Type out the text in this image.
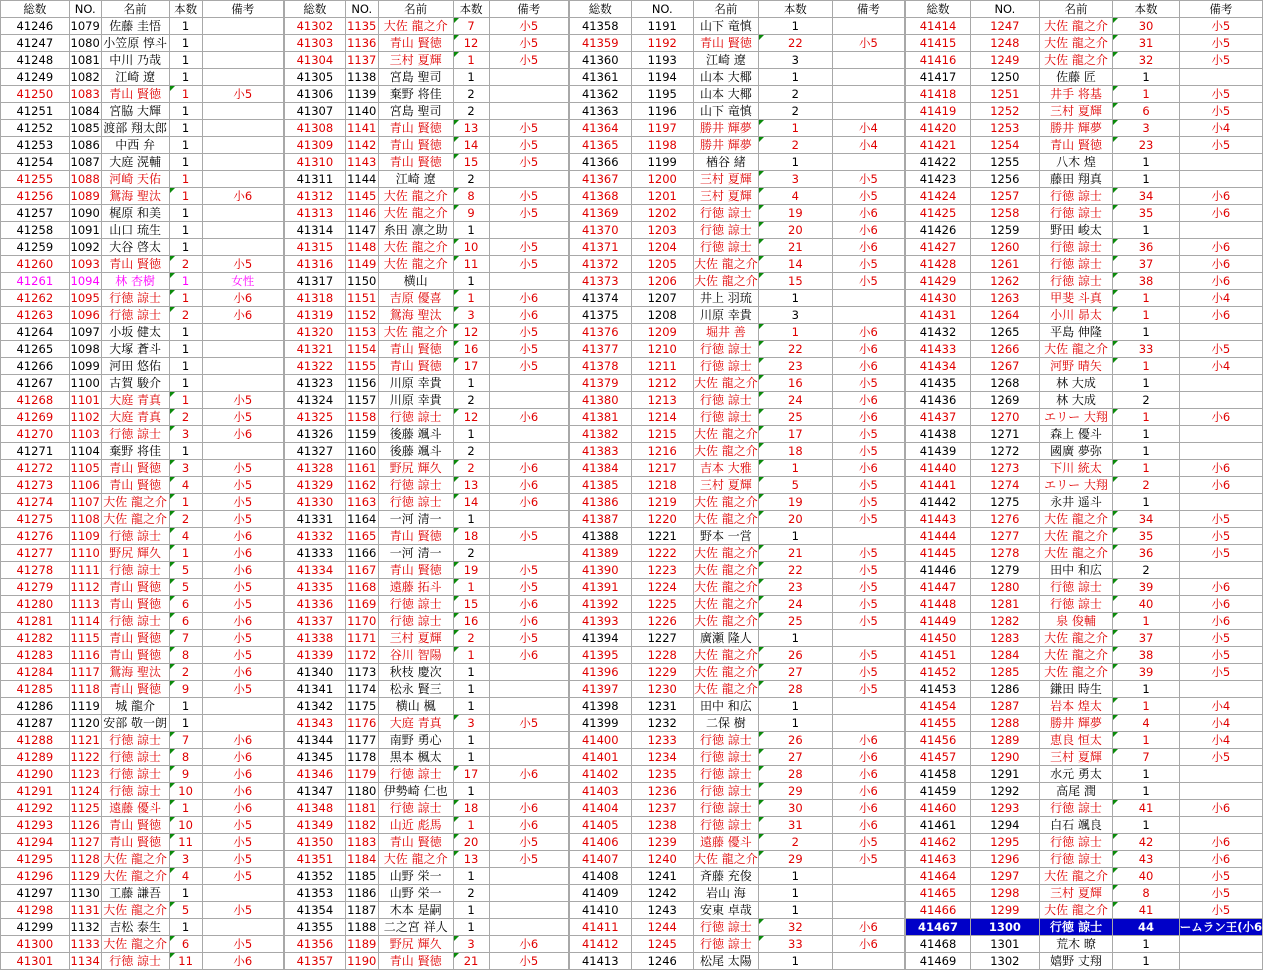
総数	NO.	名前	本数	備考
41246	1079	佐藤 圭悟	1	
41247	1080	小笠原 惇斗	1	
41248	1081	中川 乃哉	1	
41249	1082	江崎 遼	1	
41250	1083	青山 賢徳	1	小5
41251	1084	宮脇 大輝	1	
41252	1085	渡部 翔太郎	1	
41253	1086	中西 弁	1	
41254	1087	大庭 滉輔	1	
41255	1088	河崎 天佑	1	
41256	1089	鴛海 聖汰	1	小6
41257	1090	梶原 和美	1	
41258	1091	山口 琉生	1	
41259	1092	大谷 啓太	1	
41260	1093	青山 賢徳	2	小5
41261	1094	林 杏樹	1	女性
41262	1095	行徳 諒士	1	小6
41263	1096	行徳 諒士	2	小6
41264	1097	小坂 健太	1	
41265	1098	大塚 蒼斗	1	
41266	1099	河田 悠佑	1	
41267	1100	古賀 駿介	1	
41268	1101	大庭 青真	1	小5
41269	1102	大庭 青真	2	小5
41270	1103	行徳 諒士	3	小6
41271	1104	棄野 将佳	1	
41272	1105	青山 賢徳	3	小5
41273	1106	青山 賢徳	4	小5
41274	1107	大佐 龍之介	1	小5
41275	1108	大佐 龍之介	2	小5
41276	1109	行徳 諒士	4	小6
41277	1110	野尻 輝久	1	小6
41278	1111	行徳 諒士	5	小6
41279	1112	青山 賢徳	5	小5
41280	1113	青山 賢徳	6	小5
41281	1114	行徳 諒士	6	小6
41282	1115	青山 賢徳	7	小5
41283	1116	青山 賢徳	8	小5
41284	1117	鴛海 聖汰	2	小6
41285	1118	青山 賢徳	9	小5
41286	1119	城 龍介	1	
41287	1120	安部 敬一朗	1	
41288	1121	行徳 諒士	7	小6
41289	1122	行徳 諒士	8	小6
41290	1123	行徳 諒士	9	小6
41291	1124	行徳 諒士	10	小6
41292	1125	遠藤 優斗	1	小6
41293	1126	青山 賢徳	10	小5
41294	1127	青山 賢徳	11	小5
41295	1128	大佐 龍之介	3	小5
41296	1129	大佐 龍之介	4	小5
41297	1130	工藤 謙吾	1	
41298	1131	大佐 龍之介	5	小5
41299	1132	吉松 泰生	1	
41300	1133	大佐 龍之介	6	小5
41301	1134	行徳 諒士	11	小6
総数	NO.	名前	本数	備考
41302	1135	大佐 龍之介	7	小5
41303	1136	青山 賢徳	12	小5
41304	1137	三村 夏輝	1	小5
41305	1138	宮島 聖司	1	
41306	1139	棄野 将佳	2	
41307	1140	宮島 聖司	2	
41308	1141	青山 賢徳	13	小5
41309	1142	青山 賢徳	14	小5
41310	1143	青山 賢徳	15	小5
41311	1144	江崎 遼	2	
41312	1145	大佐 龍之介	8	小5
41313	1146	大佐 龍之介	9	小5
41314	1147	糸田 凛之助	1	
41315	1148	大佐 龍之介	10	小5
41316	1149	大佐 龍之介	11	小5
41317	1150	横山	1	
41318	1151	吉原 優喜	1	小6
41319	1152	鴛海 聖汰	3	小6
41320	1153	大佐 龍之介	12	小5
41321	1154	青山 賢徳	16	小5
41322	1155	青山 賢徳	17	小5
41323	1156	川原 幸貴	1	
41324	1157	川原 幸貴	2	
41325	1158	行徳 諒士	12	小6
41326	1159	後藤 颯斗	1	
41327	1160	後藤 颯斗	2	
41328	1161	野尻 輝久	2	小6
41329	1162	行徳 諒士	13	小6
41330	1163	行徳 諒士	14	小6
41331	1164	一河 清一	1	
41332	1165	青山 賢徳	18	小5
41333	1166	一河 清一	2	
41334	1167	青山 賢徳	19	小5
41335	1168	遠藤 拓斗	1	小5
41336	1169	行徳 諒士	15	小6
41337	1170	行徳 諒士	16	小6
41338	1171	三村 夏輝	2	小5
41339	1172	谷川 智陽	1	小6
41340	1173	秋枝 慶次	1	
41341	1174	松永 賢三	1	
41342	1175	横山 楓	1	
41343	1176	大庭 青真	3	小5
41344	1177	南野 勇心	1	
41345	1178	黒本 楓太	1	
41346	1179	行徳 諒士	17	小6
41347	1180	伊勢崎 仁也	1	
41348	1181	行徳 諒士	18	小6
41349	1182	山近 彪馬	1	小6
41350	1183	青山 賢徳	20	小5
41351	1184	大佐 龍之介	13	小5
41352	1185	山野 栄一	1	
41353	1186	山野 栄一	2	
41354	1187	木本 是嗣	1	
41355	1188	二之宮 祥人	1	
41356	1189	野尻 輝久	3	小6
41357	1190	青山 賢徳	21	小5
総数	NO.	名前	本数	備考
41358	1191	山下 竜慎	1	
41359	1192	青山 賢徳	22	小5
41360	1193	江崎 遼	3	
41361	1194	山本 大椰	1	
41362	1195	山本 大椰	2	
41363	1196	山下 竜慎	2	
41364	1197	勝井 輝夢	1	小4
41365	1198	勝井 輝夢	2	小4
41366	1199	楢谷 緒	1	
41367	1200	三村 夏輝	3	小5
41368	1201	三村 夏輝	4	小5
41369	1202	行徳 諒士	19	小6
41370	1203	行徳 諒士	20	小6
41371	1204	行徳 諒士	21	小6
41372	1205	大佐 龍之介	14	小5
41373	1206	大佐 龍之介	15	小5
41374	1207	井上 羽琉	1	
41375	1208	川原 幸貴	3	
41376	1209	堀井 善	1	小6
41377	1210	行徳 諒士	22	小6
41378	1211	行徳 諒士	23	小6
41379	1212	大佐 龍之介	16	小5
41380	1213	行徳 諒士	24	小6
41381	1214	行徳 諒士	25	小6
41382	1215	大佐 龍之介	17	小5
41383	1216	大佐 龍之介	18	小5
41384	1217	吉本 大雅	1	小6
41385	1218	三村 夏輝	5	小5
41386	1219	大佐 龍之介	19	小5
41387	1220	大佐 龍之介	20	小5
41388	1221	野本 一営	1	
41389	1222	大佐 龍之介	21	小5
41390	1223	大佐 龍之介	22	小5
41391	1224	大佐 龍之介	23	小5
41392	1225	大佐 龍之介	24	小5
41393	1226	大佐 龍之介	25	小5
41394	1227	廣瀬 隆人	1	
41395	1228	大佐 龍之介	26	小5
41396	1229	大佐 龍之介	27	小5
41397	1230	大佐 龍之介	28	小5
41398	1231	田中 和広	1	
41399	1232	二保 樹	1	
41400	1233	行徳 諒士	26	小6
41401	1234	行徳 諒士	27	小6
41402	1235	行徳 諒士	28	小6
41403	1236	行徳 諒士	29	小6
41404	1237	行徳 諒士	30	小6
41405	1238	行徳 諒士	31	小6
41406	1239	遠藤 優斗	2	小5
41407	1240	大佐 龍之介	29	小5
41408	1241	斉藤 充俊	1	
41409	1242	岩山 海	1	
41410	1243	安東 卓哉	1	
41411	1244	行徳 諒士	32	小6
41412	1245	行徳 諒士	33	小6
41413	1246	松尾 太陽	1	
総数	NO.	名前	本数	備考
41414	1247	大佐 龍之介	30	小5
41415	1248	大佐 龍之介	31	小5
41416	1249	大佐 龍之介	32	小5
41417	1250	佐藤 匠	1	
41418	1251	井手 将基	1	小5
41419	1252	三村 夏輝	6	小5
41420	1253	勝井 輝夢	3	小4
41421	1254	青山 賢徳	23	小5
41422	1255	八木 煌	1	
41423	1256	藤田 翔真	1	
41424	1257	行徳 諒士	34	小6
41425	1258	行徳 諒士	35	小6
41426	1259	野田 峻太	1	
41427	1260	行徳 諒士	36	小6
41428	1261	行徳 諒士	37	小6
41429	1262	行徳 諒士	38	小6
41430	1263	甲斐 斗真	1	小4
41431	1264	小川 昴太	1	小6
41432	1265	平島 伸隆	1	
41433	1266	大佐 龍之介	33	小5
41434	1267	河野 晴矢	1	小4
41435	1268	林 大成	1	
41436	1269	林 大成	2	
41437	1270	エリー 大翔	1	小6
41438	1271	森上 優斗	1	
41439	1272	國廣 夢弥	1	
41440	1273	下川 統太	1	小6
41441	1274	エリー 大翔	2	小6
41442	1275	永井 遥斗	1	
41443	1276	大佐 龍之介	34	小5
41444	1277	大佐 龍之介	35	小5
41445	1278	大佐 龍之介	36	小5
41446	1279	田中 和広	2	
41447	1280	行徳 諒士	39	小6
41448	1281	行徳 諒士	40	小6
41449	1282	泉 俊輔	1	小6
41450	1283	大佐 龍之介	37	小5
41451	1284	大佐 龍之介	38	小5
41452	1285	大佐 龍之介	39	小5
41453	1286	鎌田 時生	1	
41454	1287	岩本 煌太	1	小4
41455	1288	勝井 輝夢	4	小4
41456	1289	恵良 恒太	1	小4
41457	1290	三村 夏輝	7	小5
41458	1291	水元 勇太	1	
41459	1292	高尾 潤	1	
41460	1293	行徳 諒士	41	小6
41461	1294	白石 颯良	1	
41462	1295	行徳 諒士	42	小6
41463	1296	行徳 諒士	43	小6
41464	1297	大佐 龍之介	40	小5
41465	1298	三村 夏輝	8	小5
41466	1299	大佐 龍之介	41	小5
41467	1300	行徳 諒士	44	ームラン王(小6
41468	1301	荒木 暸	1	
41469	1302	嬉野 丈翔	1	
